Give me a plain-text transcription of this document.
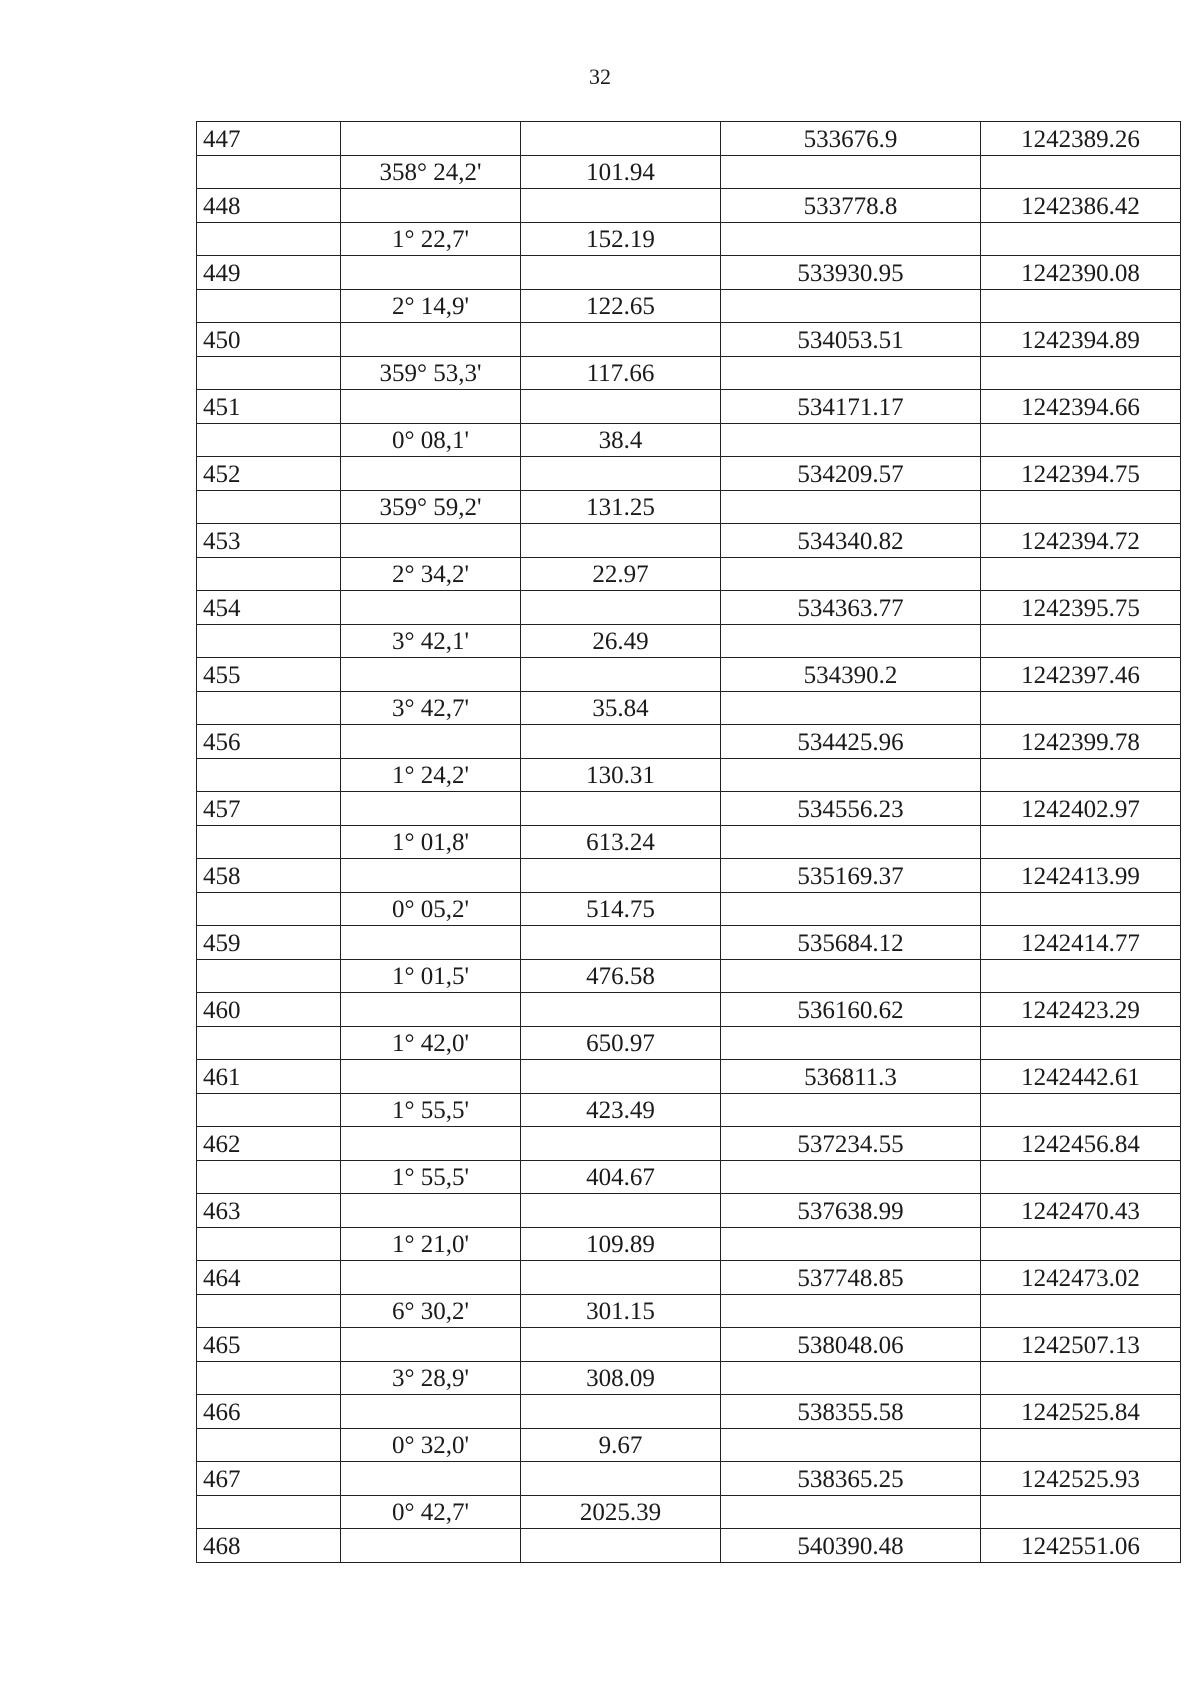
32
447			533676.9	1242389.26
	358° 24,2'	101.94		
448			533778.8	1242386.42
	1° 22,7'	152.19		
449			533930.95	1242390.08
	2° 14,9'	122.65		
450			534053.51	1242394.89
	359° 53,3'	117.66		
451			534171.17	1242394.66
	0° 08,1'	38.4		
452			534209.57	1242394.75
	359° 59,2'	131.25		
453			534340.82	1242394.72
	2° 34,2'	22.97		
454			534363.77	1242395.75
	3° 42,1'	26.49		
455			534390.2	1242397.46
	3° 42,7'	35.84		
456			534425.96	1242399.78
	1° 24,2'	130.31		
457			534556.23	1242402.97
	1° 01,8'	613.24		
458			535169.37	1242413.99
	0° 05,2'	514.75		
459			535684.12	1242414.77
	1° 01,5'	476.58		
460			536160.62	1242423.29
	1° 42,0'	650.97		
461			536811.3	1242442.61
	1° 55,5'	423.49		
462			537234.55	1242456.84
	1° 55,5'	404.67		
463			537638.99	1242470.43
	1° 21,0'	109.89		
464			537748.85	1242473.02
	6° 30,2'	301.15		
465			538048.06	1242507.13
	3° 28,9'	308.09		
466			538355.58	1242525.84
	0° 32,0'	9.67		
467			538365.25	1242525.93
	0° 42,7'	2025.39		
468			540390.48	1242551.06
